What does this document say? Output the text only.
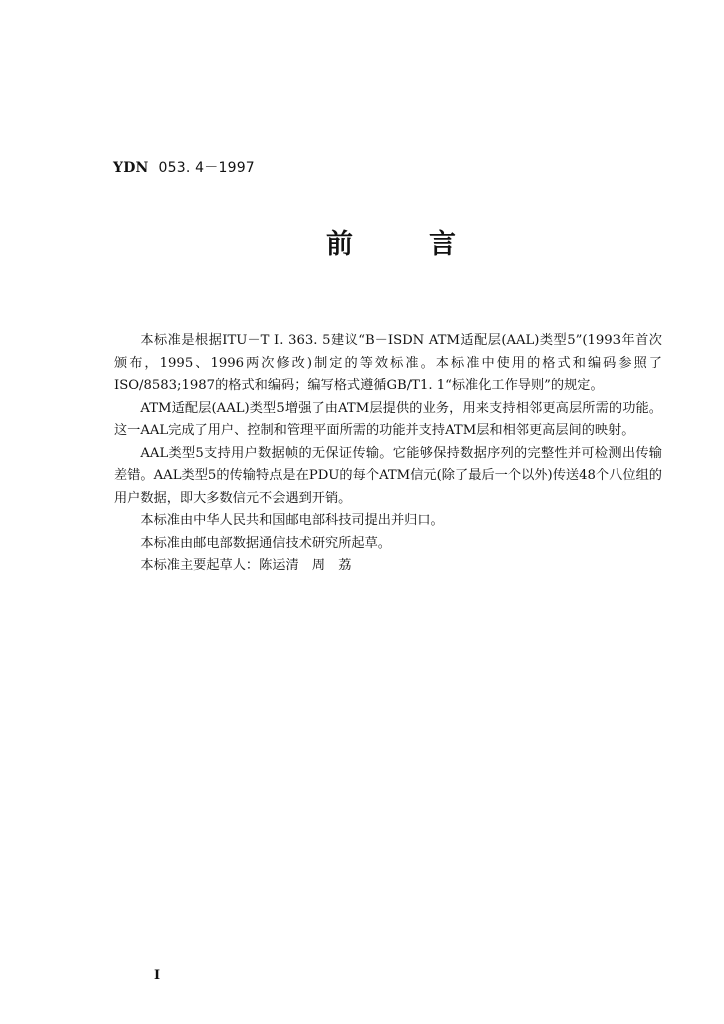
YDN 053. 4－1997
前	言

本标准是根据ITU－T I. 363. 5建议“B－ISDN ATM适配层(AAL)类型5”(1993年首次颁布，1995、1996两次修改)制定的等效标准。本标准中使用的格式和编码参照了ISO/8583;1987的格式和编码；编写格式遵循GB/T1. 1“标准化工作导则”的规定。

ATM适配层(AAL)类型5增强了由ATM层提供的业务，用来支持相邻更高层所需的功能。这一AAL完成了用户、控制和管理平面所需的功能并支持ATM层和相邻更高层间的映射。

AAL类型5支持用户数据帧的无保证传输。它能够保持数据序列的完整性并可检测出传输差错。AAL类型5的传输特点是在PDU的每个ATM信元(除了最后一个以外)传送48个八位组的用户数据，即大多数信元不会遇到开销。

本标准由中华人民共和国邮电部科技司提出并归口。

本标准由邮电部数据通信技术研究所起草。

本标准主要起草人：陈运清　周　荔

I
